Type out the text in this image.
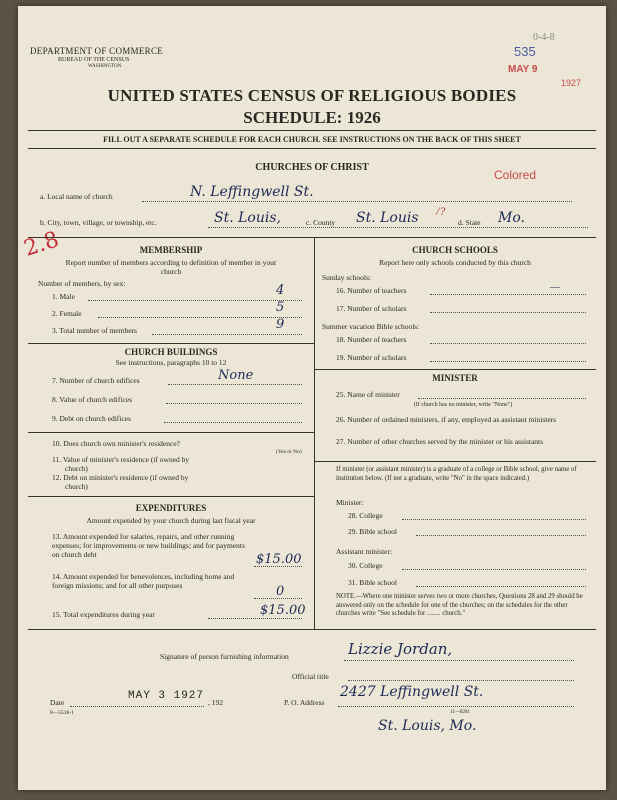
DEPARTMENT OF COMMERCE
BUREAU OF THE CENSUS
WASHINGTON
535
0-4-8
MAY 9
1927
UNITED STATES CENSUS OF RELIGIOUS BODIES
SCHEDULE: 1926
FILL OUT A SEPARATE SCHEDULE FOR EACH CHURCH. SEE INSTRUCTIONS ON THE BACK OF THIS SHEET
CHURCHES OF CHRIST
Colored
a. Local name of church	N. Leffingwell St.
b. City, town, village, or township, etc.	St. Louis,	c. County St. Louis	d. State Mo.
2.8
/?
MEMBERSHIP
Report number of members according to definition of member in your church
Number of members, by sex:
1. Male	4
2. Female	5
3. Total number of members	9
CHURCH BUILDINGS
See instructions, paragraphs 10 to 12
7. Number of church edifices	None
8. Value of church edifices
9. Debt on church edifices
10. Does church own minister's residence?
(Yes or No)
11. Value of minister's residence (if owned by
church)
12. Debt on minister's residence (if owned by
church)
EXPENDITURES
Amount expended by your church during last fiscal year
13. Amount expended for salaries, repairs, and other running expenses; for improvements or new buildings; and for payments on church debt	$15.00
14. Amount expended for benevolences, including home and foreign missions; and for all other purposes	0
15. Total expenditures during year	$15.00
CHURCH SCHOOLS
Report here only schools conducted by this church
Sunday schools:
16. Number of teachers	—
17. Number of scholars
Summer vacation Bible schools:
18. Number of teachers
19. Number of scholars
MINISTER
25. Name of minister
(If church has no minister, write "None")
26. Number of ordained ministers, if any, employed as assistant ministers
27. Number of other churches served by the minister or his assistants
If minister (or assistant minister) is a graduate of a college or Bible school, give name of institution below. (If not a graduate, write "No" in the space indicated.)
Minister:
28. College
29. Bible school
Assistant minister:
30. College
31. Bible school
NOTE.—Where one minister serves two or more churches, Questions 28 and 29 should be answered only on the schedule for one of the churches; on the schedules for the other churches write "See schedule for ........ church."
Signature of person furnishing information	Lizzie Jordan,
Official title
Date
MAY 3 1927
, 192
8—5518-1
P. O. Address
2427 Leffingwell St.
11—8201
St. Louis, Mo.
